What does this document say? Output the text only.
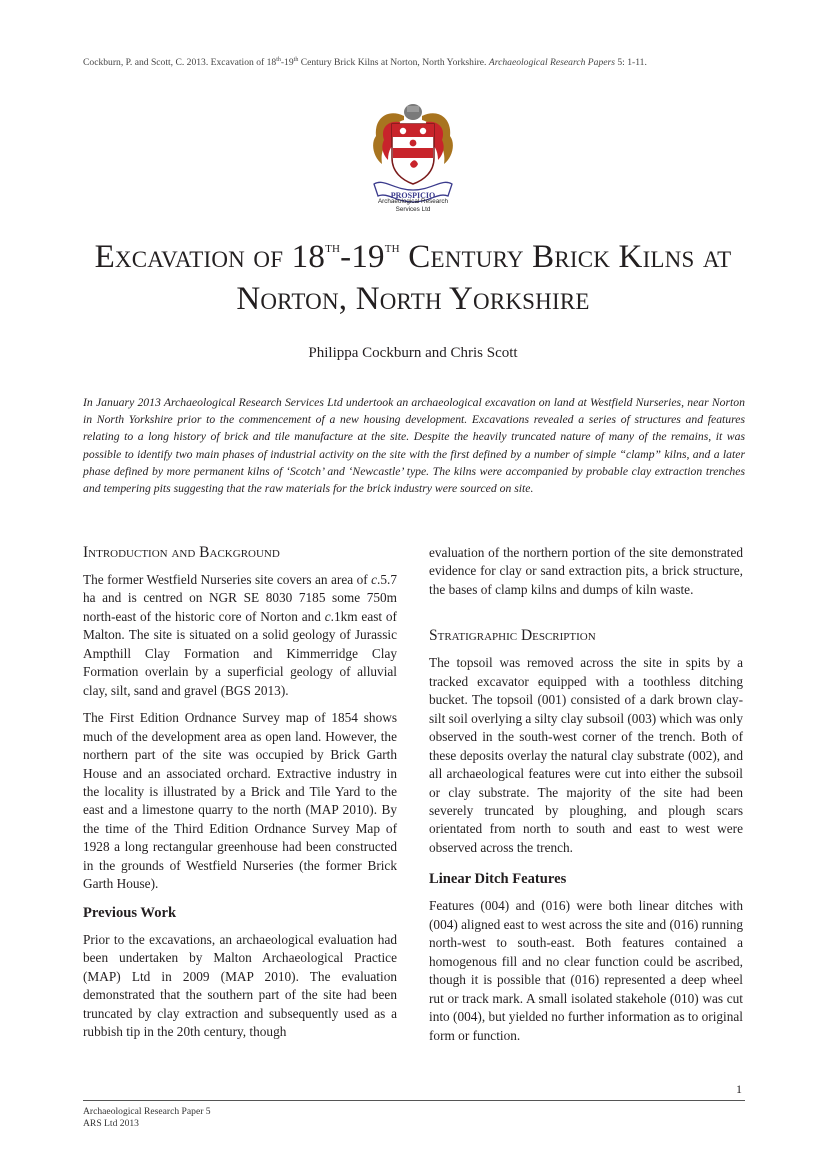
Cockburn, P. and Scott, C. 2013. Excavation of 18th-19th Century Brick Kilns at Norton, North Yorkshire. Archaeological Research Papers 5: 1-11.
PROSPICIO
Archaeological Research
Services Ltd
Excavation of 18th-19th Century Brick Kilns at
Norton, North Yorkshire
Philippa Cockburn and Chris Scott
In January 2013 Archaeological Research Services Ltd undertook an archaeological excavation on land at Westfield Nurseries, near Norton in North Yorkshire prior to the commencement of a new housing development. Excavations revealed a series of structures and features relating to a long history of brick and tile manufacture at the site. Despite the heavily truncated nature of many of the remains, it was possible to identify two main phases of industrial activity on the site with the first defined by a number of simple “clamp” kilns, and a later phase defined by more permanent kilns of ‘Scotch’ and ‘Newcastle’ type. The kilns were accompanied by probable clay extraction trenches and tempering pits suggesting that the raw materials for the brick industry were sourced on site.
Introduction and Background

The former Westfield Nurseries site covers an area of c.5.7 ha and is centred on NGR SE 8030 7185 some 750m north-east of the historic core of Norton and c.1km east of Malton. The site is situated on a solid geology of Jurassic Ampthill Clay Formation and Kimmerridge Clay Formation overlain by a superficial geology of alluvial clay, silt, sand and gravel (BGS 2013).

The First Edition Ordnance Survey map of 1854 shows much of the development area as open land. However, the northern part of the site was occupied by Brick Garth House and an associated orchard. Extractive industry in the locality is illustrated by a Brick and Tile Yard to the east and a limestone quarry to the north (MAP 2010). By the time of the Third Edition Ordnance Survey Map of 1928 a long rectangular greenhouse had been constructed in the grounds of Westfield Nurseries (the former Brick Garth House).

Previous Work

Prior to the excavations, an archaeological evaluation had been undertaken by Malton Archaeological Practice (MAP) Ltd in 2009 (MAP 2010). The evaluation demonstrated that the southern part of the site had been truncated by clay extraction and subsequently used as a rubbish tip in the 20th century, though

evaluation of the northern portion of the site demonstrated evidence for clay or sand extraction pits, a brick structure, the bases of clamp kilns and dumps of kiln waste.

Stratigraphic Description

The topsoil was removed across the site in spits by a tracked excavator equipped with a toothless ditching bucket. The topsoil (001) consisted of a dark brown clay-silt soil overlying a silty clay subsoil (003) which was only observed in the south-west corner of the trench. Both of these deposits overlay the natural clay substrate (002), and all archaeological features were cut into either the subsoil or clay substrate. The majority of the site had been severely truncated by ploughing, and plough scars orientated from north to south and east to west were observed across the trench.

Linear Ditch Features

Features (004) and (016) were both linear ditches with (004) aligned east to west across the site and (016) running north-west to south-east. Both features contained a homogenous fill and no clear function could be ascribed, though it is possible that (016) represented a deep wheel rut or track mark. A small isolated stakehole (010) was cut into (004), but yielded no further information as to original form or function.

1
Archaeological Research Paper 5
ARS Ltd 2013
